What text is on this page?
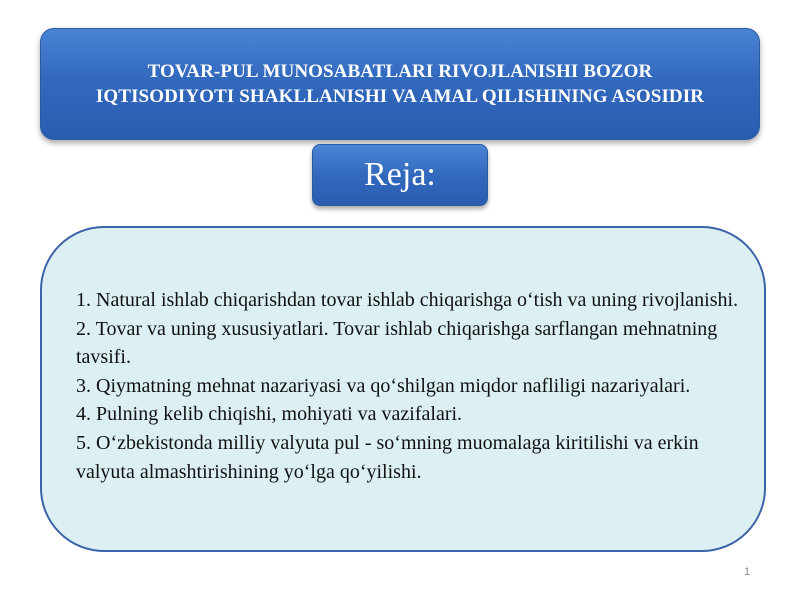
TOVAR-PUL MUNOSABATLARI RIVOJLANISHI BOZOR IQTISODIYOTI SHAKLLANISHI VA AMAL QILISHINING ASOSIDIR
Reja:
1. Natural ishlab chiqarishdan tovar ishlab chiqarishga o‘tish va uning rivojlanishi.
2. Tovar va uning xususiyatlari. Tovar ishlab chiqarishga sarflangan mehnatning tavsifi.
3. Qiymatning mehnat nazariyasi va qo‘shilgan miqdor nafliligi nazariyalari.
4. Pulning kelib chiqishi, mohiyati va vazifalari.
5. O‘zbekistonda milliy valyuta pul - so‘mning muomalaga kiritilishi va erkin valyuta almashtirishining yo‘lga qo‘yilishi.
1
